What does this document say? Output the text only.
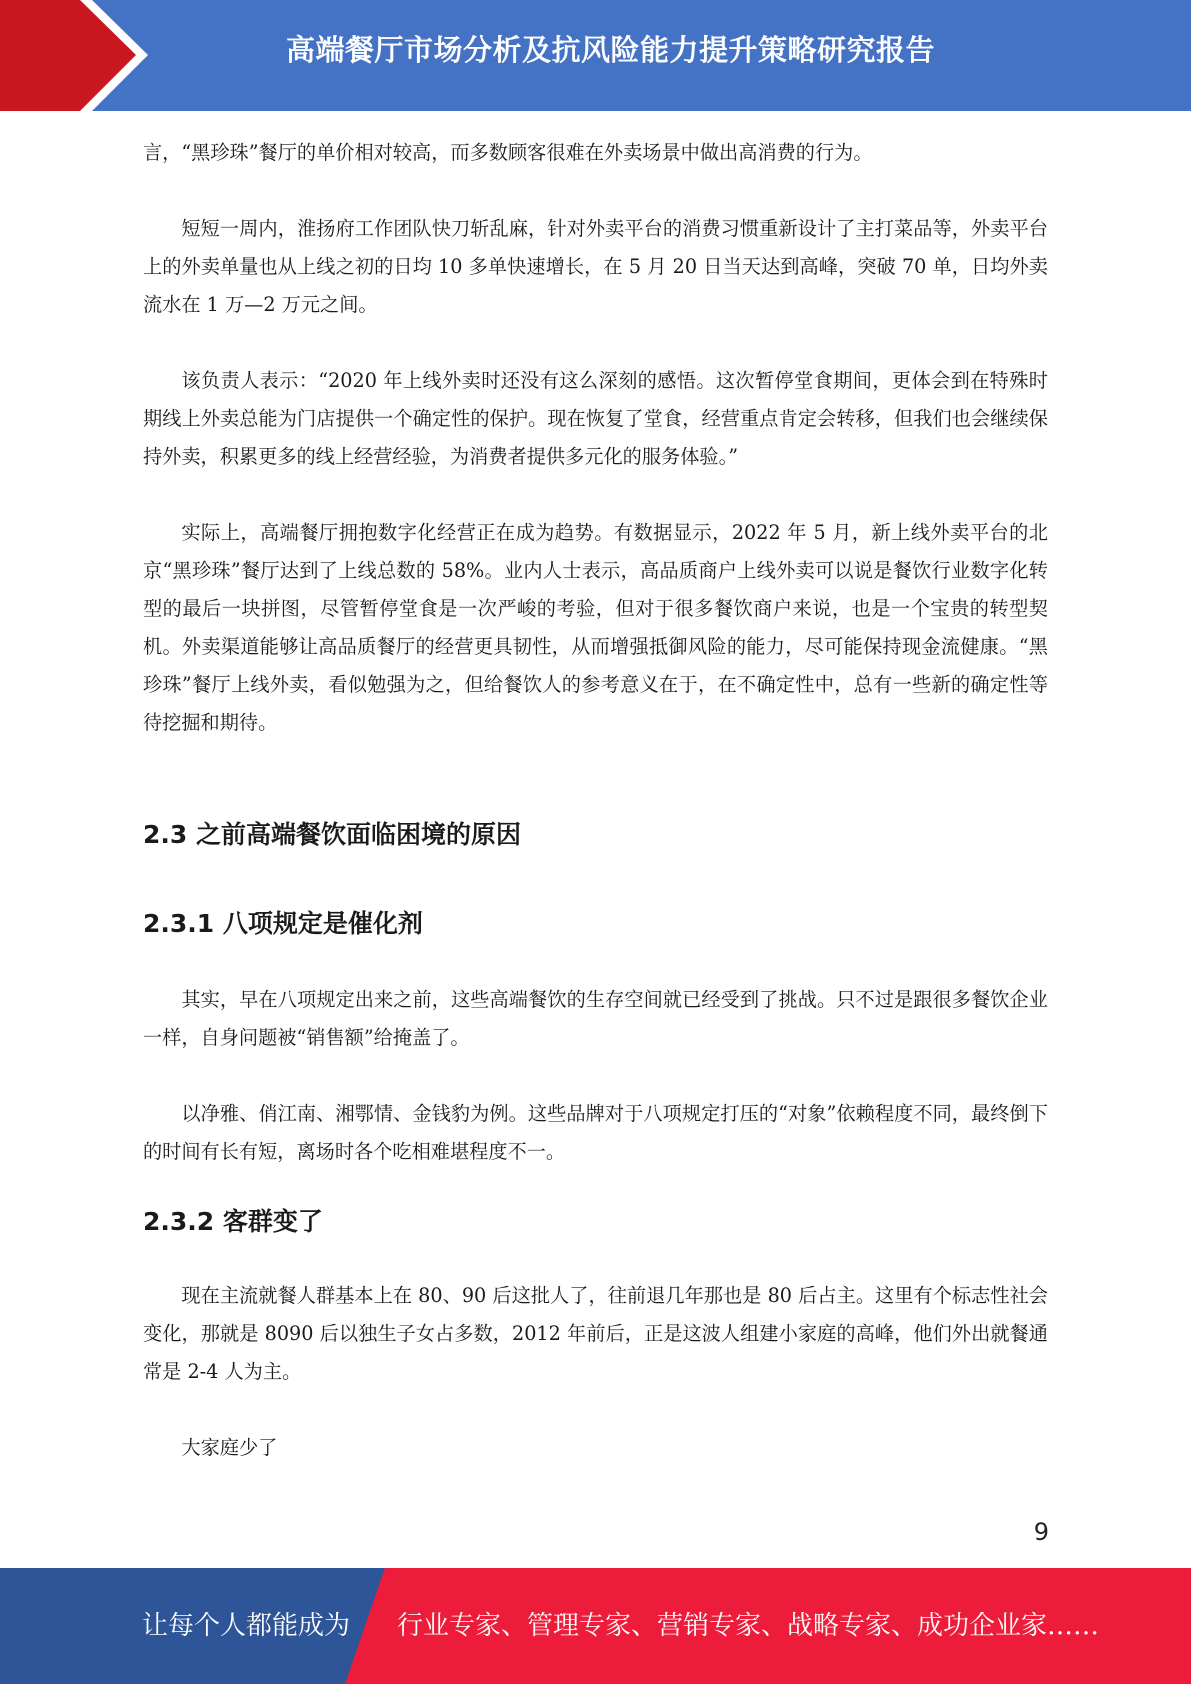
高端餐厅市场分析及抗风险能力提升策略研究报告

言，“黑珍珠”餐厅的单价相对较高，而多数顾客很难在外卖场景中做出高消费的行为。

短短一周内，淮扬府工作团队快刀斩乱麻，针对外卖平台的消费习惯重新设计了主打菜品等，外卖平台上的外卖单量也从上线之初的日均 10 多单快速增长，在 5 月 20 日当天达到高峰，突破 70 单，日均外卖流水在 1 万—2 万元之间。

该负责人表示：“2020 年上线外卖时还没有这么深刻的感悟。这次暂停堂食期间，更体会到在特殊时期线上外卖总能为门店提供一个确定性的保护。现在恢复了堂食，经营重点肯定会转移，但我们也会继续保持外卖，积累更多的线上经营经验，为消费者提供多元化的服务体验。”

实际上，高端餐厅拥抱数字化经营正在成为趋势。有数据显示，2022 年 5 月，新上线外卖平台的北京“黑珍珠”餐厅达到了上线总数的 58%。业内人士表示，高品质商户上线外卖可以说是餐饮行业数字化转型的最后一块拼图，尽管暂停堂食是一次严峻的考验，但对于很多餐饮商户来说，也是一个宝贵的转型契机。外卖渠道能够让高品质餐厅的经营更具韧性，从而增强抵御风险的能力，尽可能保持现金流健康。“黑珍珠”餐厅上线外卖，看似勉强为之，但给餐饮人的参考意义在于，在不确定性中，总有一些新的确定性等待挖掘和期待。

2.3 之前高端餐饮面临困境的原因
2.3.1 八项规定是催化剂

其实，早在八项规定出来之前，这些高端餐饮的生存空间就已经受到了挑战。只不过是跟很多餐饮企业一样，自身问题被“销售额”给掩盖了。

以净雅、俏江南、湘鄂情、金钱豹为例。这些品牌对于八项规定打压的“对象”依赖程度不同，最终倒下的时间有长有短，离场时各个吃相难堪程度不一。

2.3.2 客群变了

现在主流就餐人群基本上在 80、90 后这批人了，往前退几年那也是 80 后占主。这里有个标志性社会变化，那就是 8090 后以独生子女占多数，2012 年前后，正是这波人组建小家庭的高峰，他们外出就餐通常是 2-4 人为主。

大家庭少了

9
让每个人都能成为 行业专家、管理专家、营销专家、战略专家、成功企业家……
